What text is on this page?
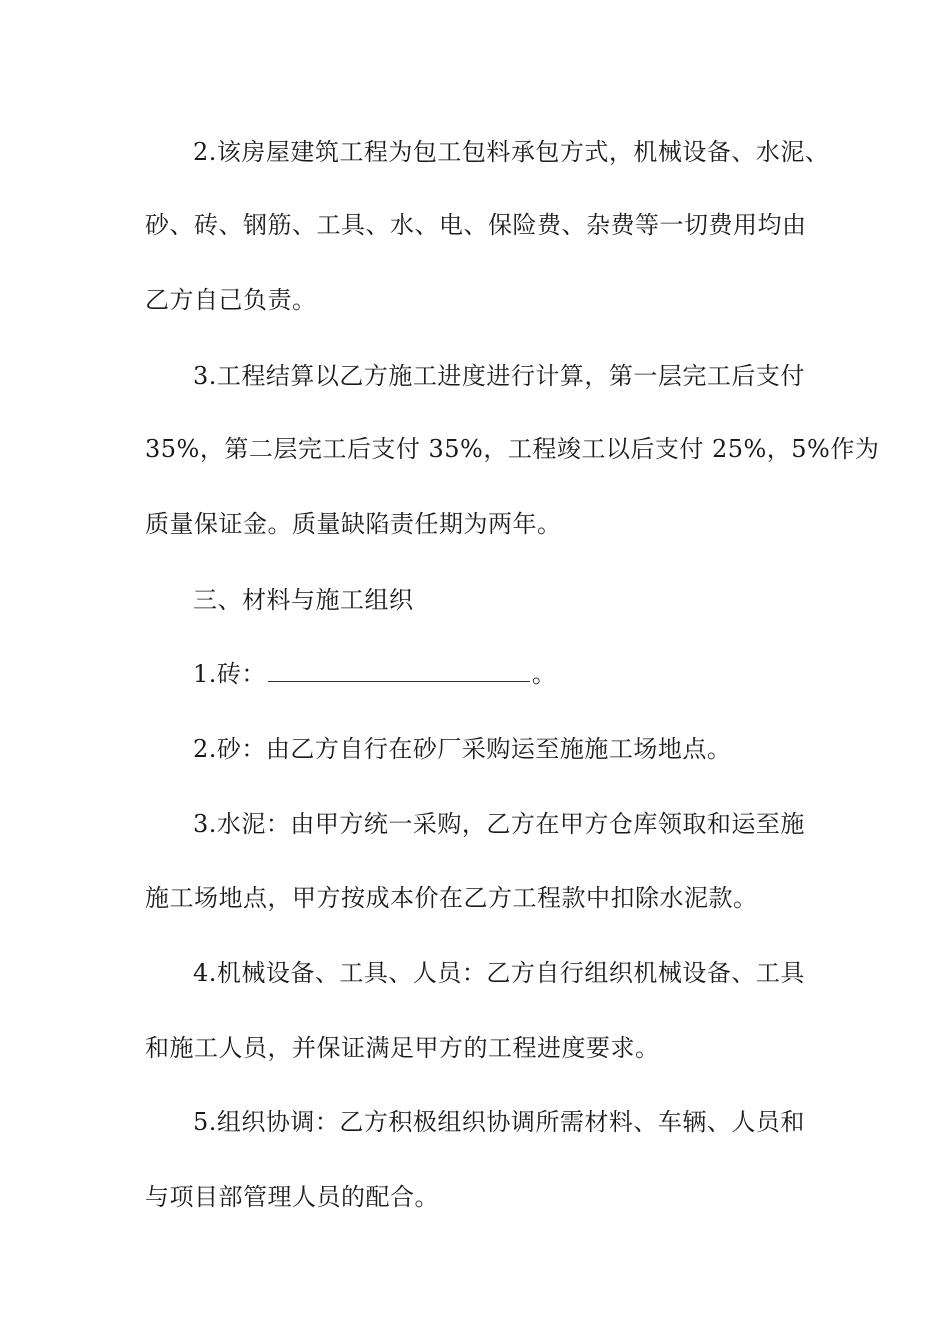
2.该房屋建筑工程为包工包料承包方式，机械设备、水泥、
砂、砖、钢筋、工具、水、电、保险费、杂费等一切费用均由
乙方自己负责。
3.工程结算以乙方施工进度进行计算，第一层完工后支付
35%，第二层完工后支付 35%，工程竣工以后支付 25%，5%作为
质量保证金。质量缺陷责任期为两年。
三、材料与施工组织
1.砖：	。
2.砂：由乙方自行在砂厂采购运至施施工场地点。
3.水泥：由甲方统一采购，乙方在甲方仓库领取和运至施
施工场地点，甲方按成本价在乙方工程款中扣除水泥款。
4.机械设备、工具、人员：乙方自行组织机械设备、工具
和施工人员，并保证满足甲方的工程进度要求。
5.组织协调：乙方积极组织协调所需材料、车辆、人员和
与项目部管理人员的配合。
